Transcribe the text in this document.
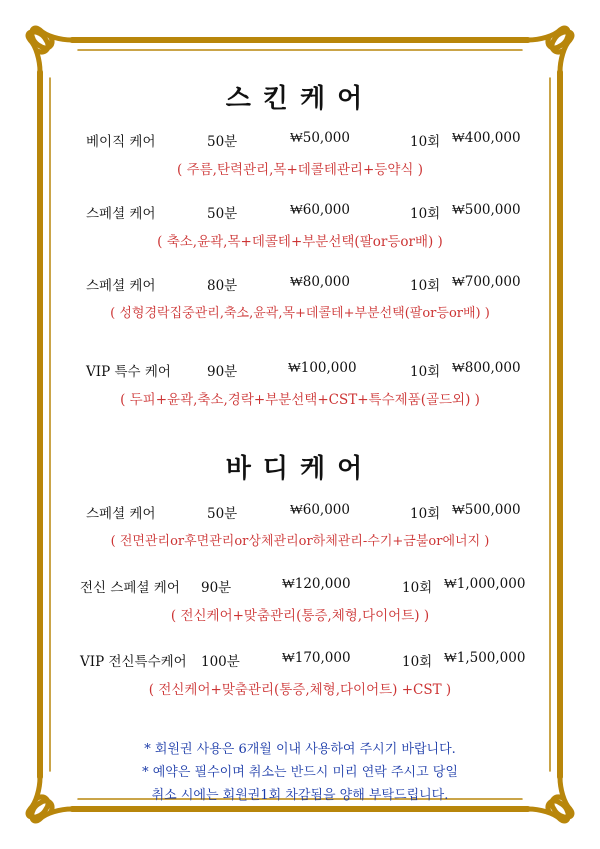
스킨케어
베이직 케어	50분	₩50,000	10회 ₩400,000
( 주름,탄력관리,목+데콜테관리+등약식 )
스페셜 케어	50분	₩60,000	10회 ₩500,000
( 축소,윤곽,목+데콜테+부분선택(팔or등or배) )
스페셜 케어	80분	₩80,000	10회 ₩700,000
( 성형경락집중관리,축소,윤곽,목+데콜테+부분선택(팔or등or배) )
VIP 특수 케어	90분	₩100,000	10회 ₩800,000
( 두피+윤곽,축소,경락+부분선택+CST+특수제품(골드외) )
바디케어
스페셜 케어	50분	₩60,000	10회 ₩500,000
( 전면관리or후면관리or상체관리or하체관리-수기+금불or에너지 )
전신 스페셜 케어 90분	₩120,000	10회 ₩1,000,000
( 전신케어+맞춤관리(통증,체형,다이어트) )
VIP 전신특수케어 100분	₩170,000	10회 ₩1,500,000
( 전신케어+맞춤관리(통증,체형,다이어트) +CST )
* 회원권 사용은 6개월 이내 사용하여 주시기 바랍니다.
* 예약은 필수이며 취소는 반드시 미리 연락 주시고 당일
취소 시에는 회원권1회 차감됨을 양해 부탁드립니다.
